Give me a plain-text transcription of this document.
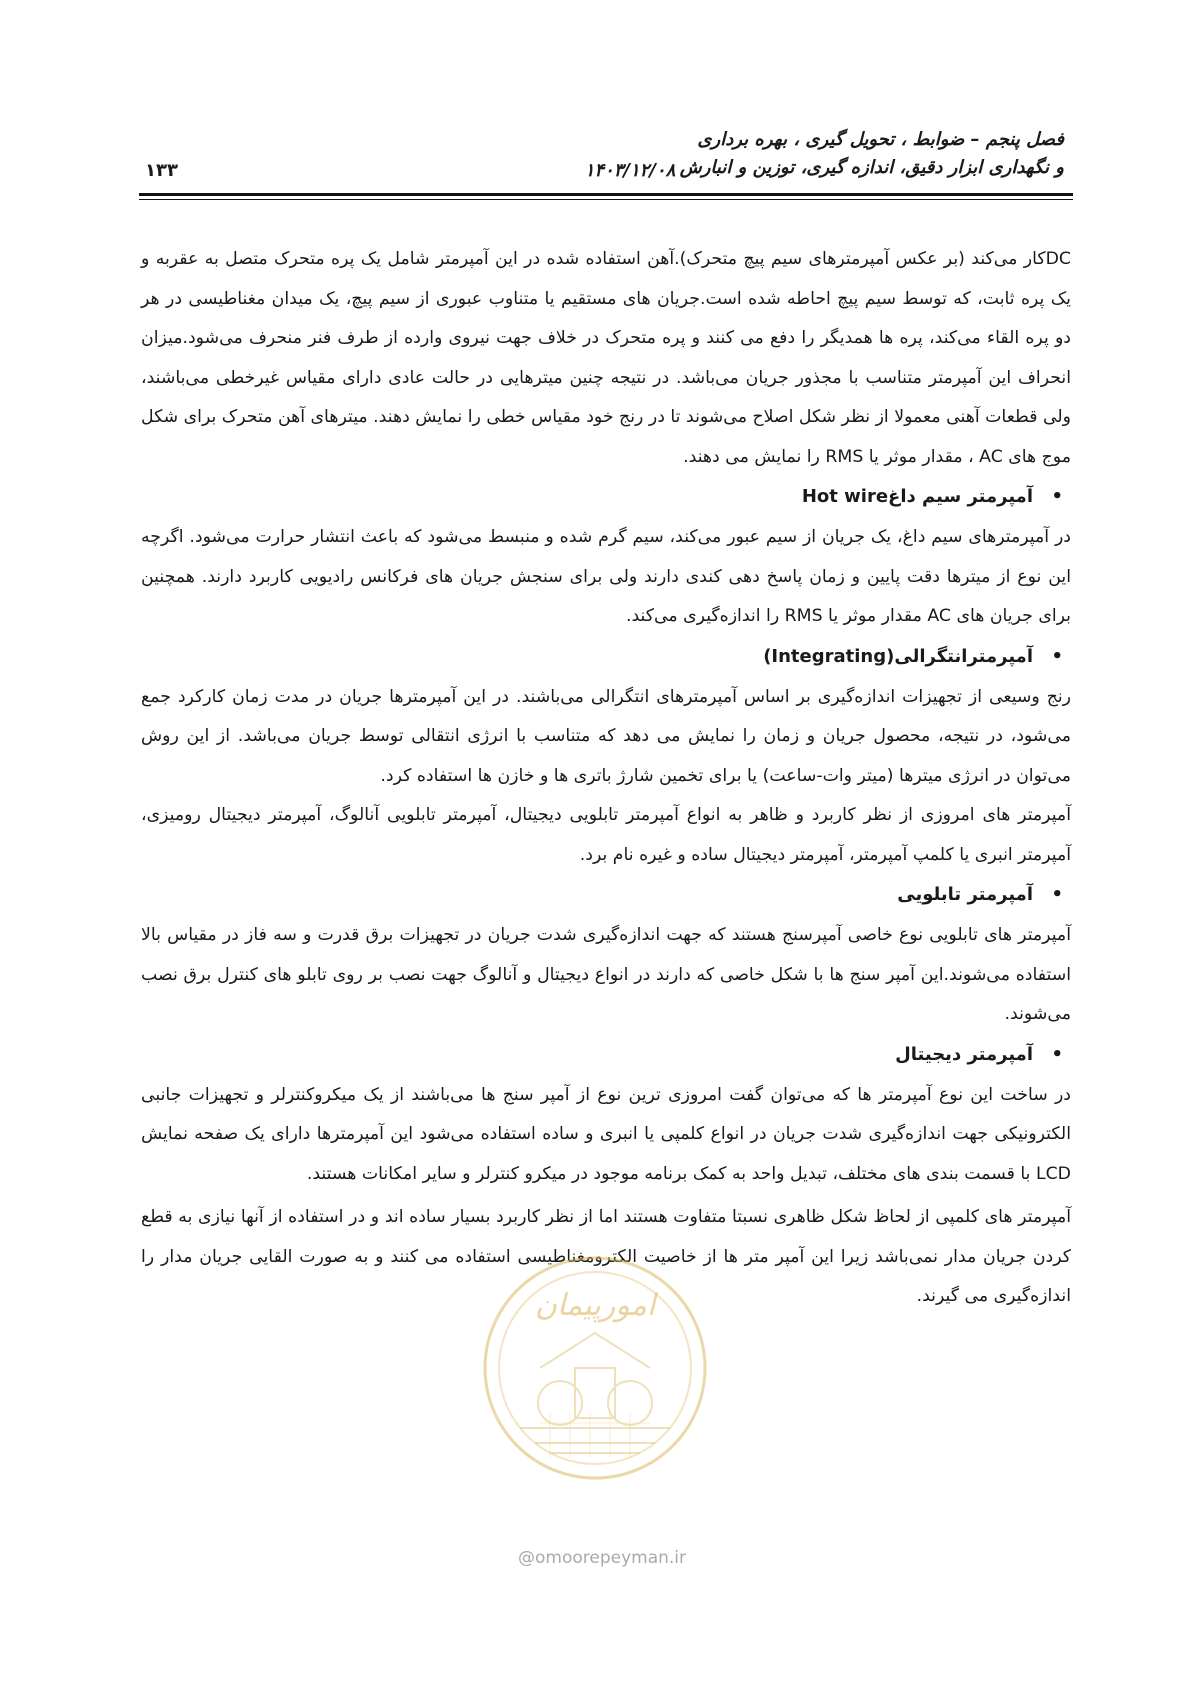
فصل پنجم – ضوابط ، تحویل گیری ، بهره برداری
و نگهداری ابزار دقیق، اندازه گیری، توزین و انبارش
۱۴۰۳/۱۲/۰۸
۱۳۳

DCکار می‌کند (بر عکس آمپرمترهای سیم پیچ متحرک).آهن استفاده شده در این آمپرمتر شامل یک پره متحرک متصل به عقربه و یک پره ثابت، که توسط سیم پیچ احاطه شده است.جریان های مستقیم یا متناوب عبوری از سیم پیچ، یک میدان مغناطیسی در هر دو پره القاء می‌کند، پره ها همدیگر را دفع می کنند و پره متحرک در خلاف جهت نیروی وارده از طرف فنر منحرف می‌شود.میزان انحراف این آمپرمتر متناسب با مجذور جریان می‌باشد. در نتیجه چنین میترهایی در حالت عادی دارای مقیاس غیرخطی می‌باشند، ولی قطعات آهنی معمولا از نظر شکل اصلاح می‌شوند تا در رنج خود مقیاس خطی را نمایش دهند. میترهای آهن متحرک برای شکل موج های AC ، مقدار موثر یا RMS را نمایش می دهند.

•
آمپرمتر سیم داغHot wire

در آمپرمترهای سیم داغ، یک جریان از سیم عبور می‌کند، سیم گرم شده و منبسط می‌شود که باعث انتشار حرارت می‌شود. اگرچه این نوع از میترها دقت پایین و زمان پاسخ دهی کندی دارند ولی برای سنجش جریان های فرکانس رادیویی کاربرد دارند. همچنین برای جریان های AC مقدار موثر یا RMS را اندازه‌گیری می‌کند.

•
آمپرمترانتگرالی(Integrating)

رنج وسیعی از تجهیزات اندازه‌گیری بر اساس آمپرمترهای انتگرالی می‌باشند. در این آمپرمترها جریان در مدت زمان کارکرد جمع می‌شود، در نتیجه، محصول جریان و زمان را نمایش می دهد که متناسب با انرژی انتقالی توسط جریان می‌باشد. از این روش می‌توان در انرژی میترها (میتر وات-ساعت) یا برای تخمین شارژ باتری ها و خازن ها استفاده کرد.

آمپرمتر های امروزی از نظر کاربرد و ظاهر به انواع آمپرمتر تابلویی دیجیتال، آمپرمتر تابلویی آنالوگ، آمپرمتر دیجیتال رومیزی، آمپرمتر انبری یا کلمپ آمپرمتر، آمپرمتر دیجیتال ساده و غیره نام برد.

•
آمپرمتر تابلویی

آمپرمتر های تابلویی نوع خاصی آمپرسنج هستند که جهت اندازه‌گیری شدت جریان در تجهیزات برق قدرت و سه فاز در مقیاس بالا استفاده می‌شوند.این آمپر سنج ها با شکل خاصی که دارند در انواع دیجیتال و آنالوگ جهت نصب بر روی تابلو های کنترل برق نصب می‌شوند.

•
آمپرمتر دیجیتال

در ساخت این نوع آمپرمتر ها که می‌توان گفت امروزی ترین نوع از آمپر سنج ها می‌باشند از یک میکروکنترلر و تجهیزات جانبی الکترونیکی جهت اندازه‌گیری شدت جریان در انواع کلمپی یا انبری و ساده استفاده می‌شود این آمپرمترها دارای یک صفحه نمایش LCD با قسمت بندی های مختلف، تبدیل واحد به کمک برنامه موجود در میکرو کنترلر و سایر امکانات هستند.

آمپرمتر های کلمپی از لحاظ شکل ظاهری نسبتا متفاوت هستند اما از نظر کاربرد بسیار ساده اند و در استفاده از آنها نیازی به قطع کردن جریان مدار نمی‌باشد زیرا این آمپر متر ها از خاصیت الکترومغناطیسی استفاده می کنند و به صورت القایی جریان مدار را اندازه‌گیری می گیرند.

امورپیمان
@omoorepeyman.ir
